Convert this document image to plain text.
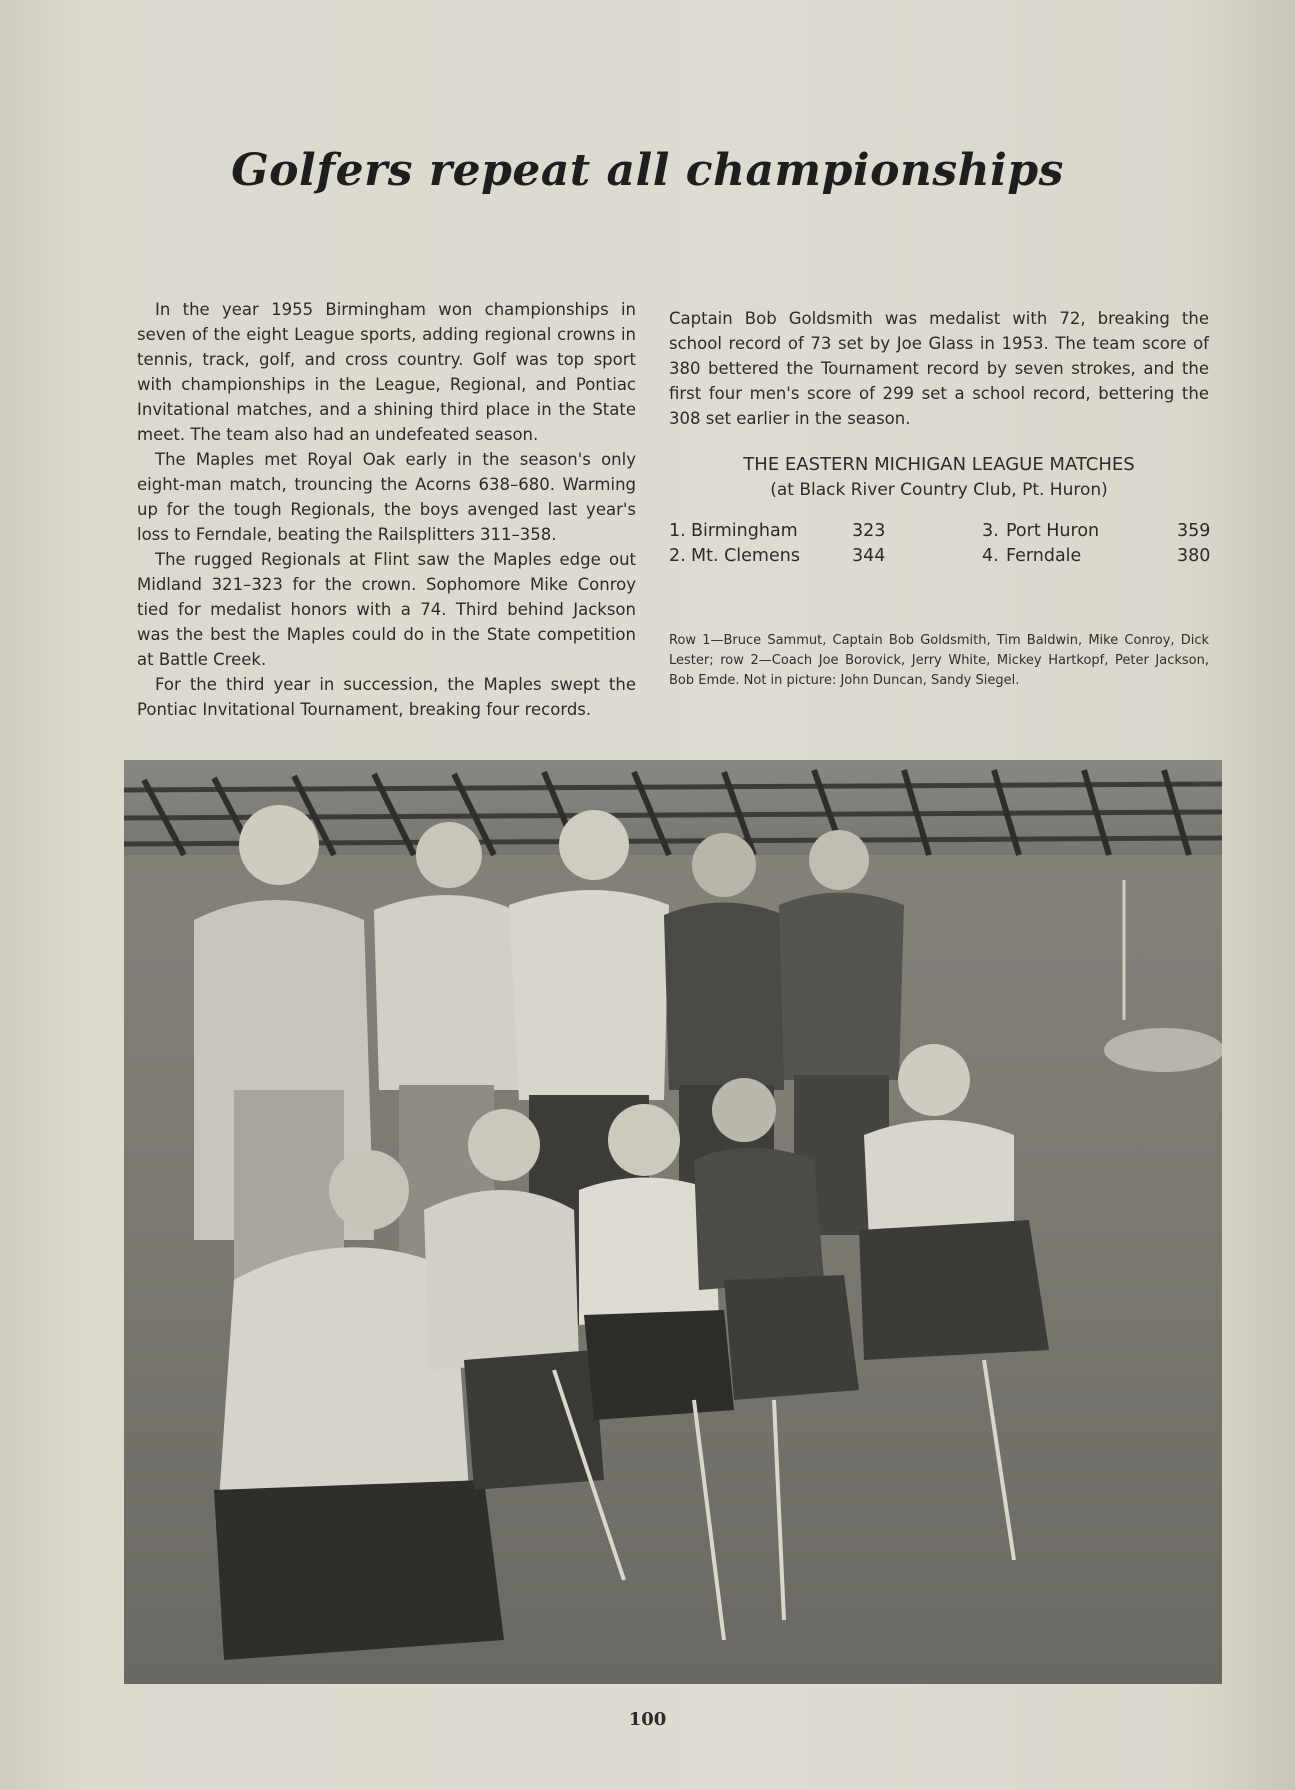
Golfers repeat all championships

In the year 1955 Birmingham won championships in seven of the eight League sports, adding regional crowns in tennis, track, golf, and cross country. Golf was top sport with championships in the League, Regional, and Pontiac Invitational matches, and a shining third place in the State meet. The team also had an undefeated season.

The Maples met Royal Oak early in the season's only eight-man match, trouncing the Acorns 638–680. Warming up for the tough Regionals, the boys avenged last year's loss to Ferndale, beating the Railsplitters 311–358.

The rugged Regionals at Flint saw the Maples edge out Midland 321–323 for the crown. Sophomore Mike Conroy tied for medalist honors with a 74. Third behind Jackson was the best the Maples could do in the State competition at Battle Creek.

For the third year in succession, the Maples swept the Pontiac Invitational Tournament, breaking four records.

Captain Bob Goldsmith was medalist with 72, breaking the school record of 73 set by Joe Glass in 1953. The team score of 380 bettered the Tournament record by seven strokes, and the first four men's score of 299 set a school record, bettering the 308 set earlier in the season.

THE EASTERN MICHIGAN LEAGUE MATCHES
(at Black River Country Club, Pt. Huron)
1. Birmingham	323
2. Mt. Clemens	344
3. Port Huron	359
4. Ferndale	380
Row 1—Bruce Sammut, Captain Bob Goldsmith, Tim Baldwin, Mike Conroy, Dick Lester; row 2—Coach Joe Borovick, Jerry White, Mickey Hartkopf, Peter Jackson, Bob Emde. Not in picture: John Duncan, Sandy Siegel.
100
